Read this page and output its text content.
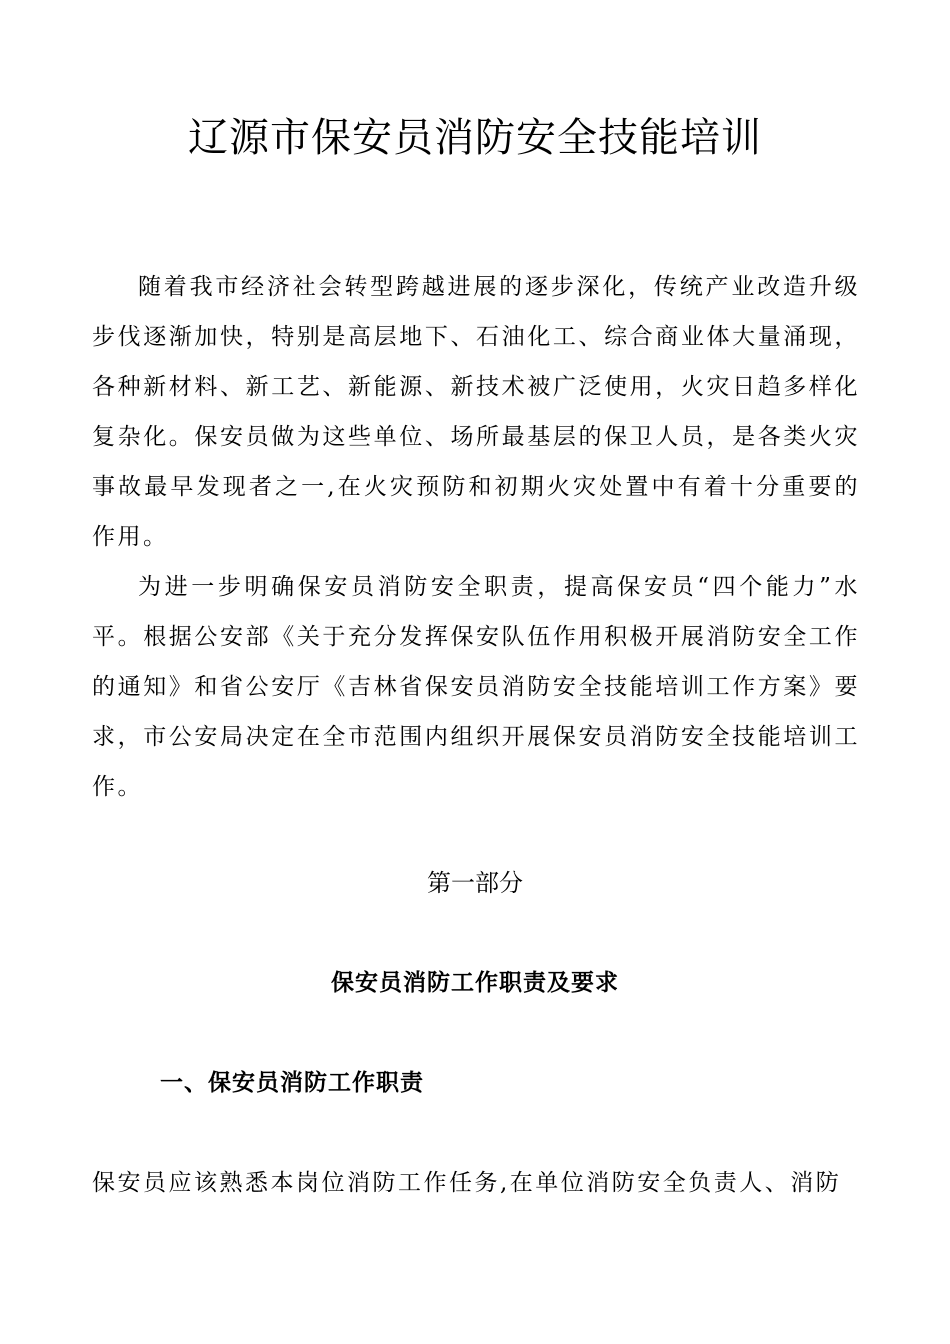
辽源市保安员消防安全技能培训

随着我市经济社会转型跨越进展的逐步深化，传统产业改造升级步伐逐渐加快，特别是高层地下、石油化工、综合商业体大量涌现，各种新材料、新工艺、新能源、新技术被广泛使用，火灾日趋多样化复杂化。保安员做为这些单位、场所最基层的保卫人员，是各类火灾事故最早发现者之一,在火灾预防和初期火灾处置中有着十分重要的作用。

为进一步明确保安员消防安全职责，提高保安员“四个能力”水平。根据公安部《关于充分发挥保安队伍作用积极开展消防安全工作的通知》和省公安厅《吉林省保安员消防安全技能培训工作方案》要求，市公安局决定在全市范围内组织开展保安员消防安全技能培训工作。

第一部分
保安员消防工作职责及要求
一、保安员消防工作职责

保安员应该熟悉本岗位消防工作任务,在单位消防安全负责人、消防
